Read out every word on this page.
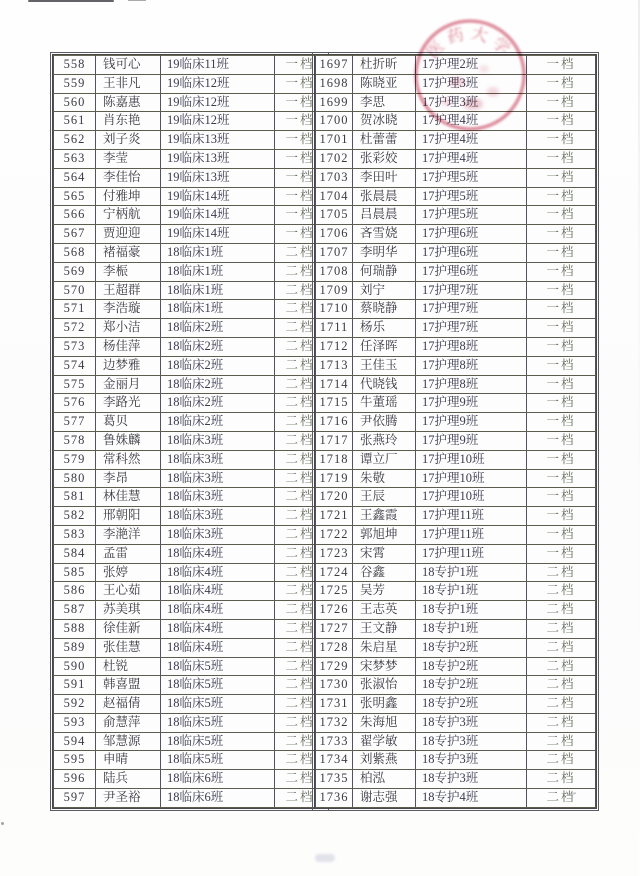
558	钱可心	19临床11班	一档
559	王非凡	19临床12班	一档
560	陈嘉惠	19临床12班	一档
561	肖东艳	19临床12班	一档
562	刘子炎	19临床13班	一档
563	李莹	19临床13班	一档
564	李佳怡	19临床13班	一档
565	付雅坤	19临床14班	一档
566	宁柄航	19临床14班	一档
567	贾迎迎	19临床14班	一档
568	褚福豪	18临床1班	二档
569	李桭	18临床1班	二档
570	王超群	18临床1班	二档
571	李浩璇	18临床1班	二档
572	郑小洁	18临床2班	二档
573	杨佳萍	18临床2班	二档
574	边梦雅	18临床2班	二档
575	金丽月	18临床2班	二档
576	李路光	18临床2班	二档
577	葛贝	18临床2班	二档
578	鲁姝麟	18临床3班	二档
579	常科然	18临床3班	二档
580	李昂	18临床3班	二档
581	林佳慧	18临床3班	二档
582	邢朝阳	18临床3班	二档
583	李滟洋	18临床3班	二档
584	孟雷	18临床4班	二档
585	张婷	18临床4班	二档
586	王心茹	18临床4班	二档
587	苏美琪	18临床4班	二档
588	徐佳新	18临床4班	二档
589	张佳慧	18临床4班	二档
590	杜锐	18临床5班	二档
591	韩喜盟	18临床5班	二档
592	赵福倩	18临床5班	二档
593	俞慧萍	18临床5班	二档
594	邹慧源	18临床5班	二档
595	申晴	18临床5班	二档
596	陆兵	18临床6班	二档
597	尹圣裕	18临床6班	二档
1697	杜折昕	17护理2班	一档
1698	陈晓亚	17护理3班	一档
1699	李思	17护理3班	一档
1700	贺冰晓	17护理4班	一档
1701	杜蕾蕾	17护理4班	一档
1702	张彩姣	17护理4班	一档
1703	李田叶	17护理5班	一档
1704	张晨晨	17护理5班	一档
1705	吕晨晨	17护理5班	一档
1706	吝雪娆	17护理6班	一档
1707	李明华	17护理6班	一档
1708	何瑞静	17护理6班	一档
1709	刘宁	17护理7班	一档
1710	蔡晓静	17护理7班	一档
1711	杨乐	17护理7班	一档
1712	任泽晖	17护理8班	一档
1713	王佳玉	17护理8班	一档
1714	代晓钱	17护理8班	一档
1715	牛董瑶	17护理9班	一档
1716	尹依腾	17护理9班	一档
1717	张燕玲	17护理9班	一档
1718	谭立厂	17护理10班	一档
1719	朱敬	17护理10班	一档
1720	王辰	17护理10班	一档
1721	王鑫霞	17护理11班	一档
1722	郭旭坤	17护理11班	一档
1723	宋霄	17护理11班	一档
1724	谷鑫	18专护1班	二档
1725	吴芳	18专护1班	二档
1726	王志英	18专护1班	二档
1727	王文静	18专护1班	二档
1728	朱启星	18专护2班	二档
1729	宋梦梦	18专护2班	二档
1730	张淑怡	18专护2班	二档
1731	张明鑫	18专护2班	二档
1732	朱海旭	18专护3班	二档
1733	翟学敏	18专护3班	二档
1734	刘紫燕	18专护3班	二档
1735	柏泓	18专护3班	二档
1736	谢志强	18专护4班	二档
医药大学
